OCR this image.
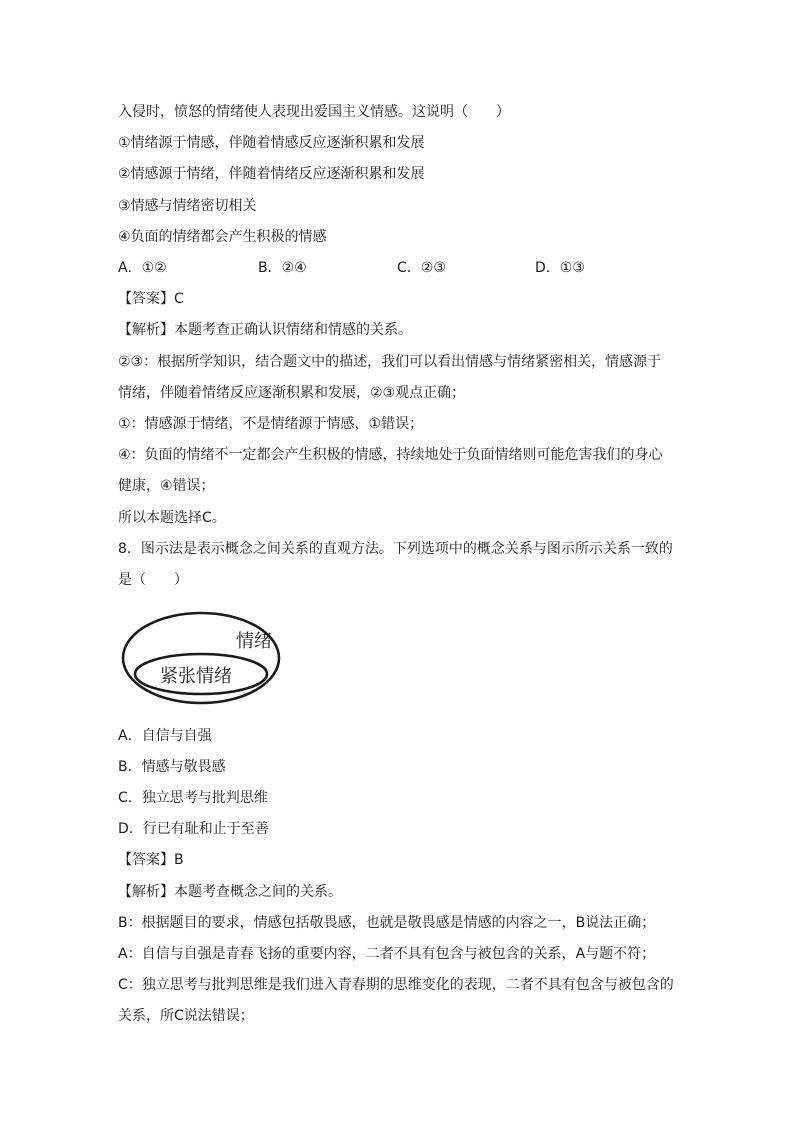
入侵时，愤怒的情绪使人表现出爱国主义情感。这说明（　　）
①情绪源于情感，伴随着情感反应逐渐积累和发展
②情感源于情绪，伴随着情绪反应逐渐积累和发展
③情感与情绪密切相关
④负面的情绪都会产生积极的情感
A．①②	B．②④	C．②③	D．①③
【答案】C
【解析】本题考查正确认识情绪和情感的关系。
②③：根据所学知识，结合题文中的描述，我们可以看出情感与情绪紧密相关，情感源于
情绪，伴随着情绪反应逐渐积累和发展，②③观点正确；
①：情感源于情绪，不是情绪源于情感，①错误；
④：负面的情绪不一定都会产生积极的情感，持续地处于负面情绪则可能危害我们的身心
健康，④错误；
所以本题选择C。
8．图示法是表示概念之间关系的直观方法。下列选项中的概念关系与图示所示关系一致的
是（　　）
情绪
紧张情绪
A．自信与自强
B．情感与敬畏感
C．独立思考与批判思维
D．行已有耻和止于至善
【答案】B
【解析】本题考查概念之间的关系。
B：根据题目的要求，情感包括敬畏感，也就是敬畏感是情感的内容之一，B说法正确；
A：自信与自强是青春飞扬的重要内容，二者不具有包含与被包含的关系，A与题不符；
C：独立思考与批判思维是我们进入青春期的思维变化的表现，二者不具有包含与被包含的
关系，所C说法错误；
